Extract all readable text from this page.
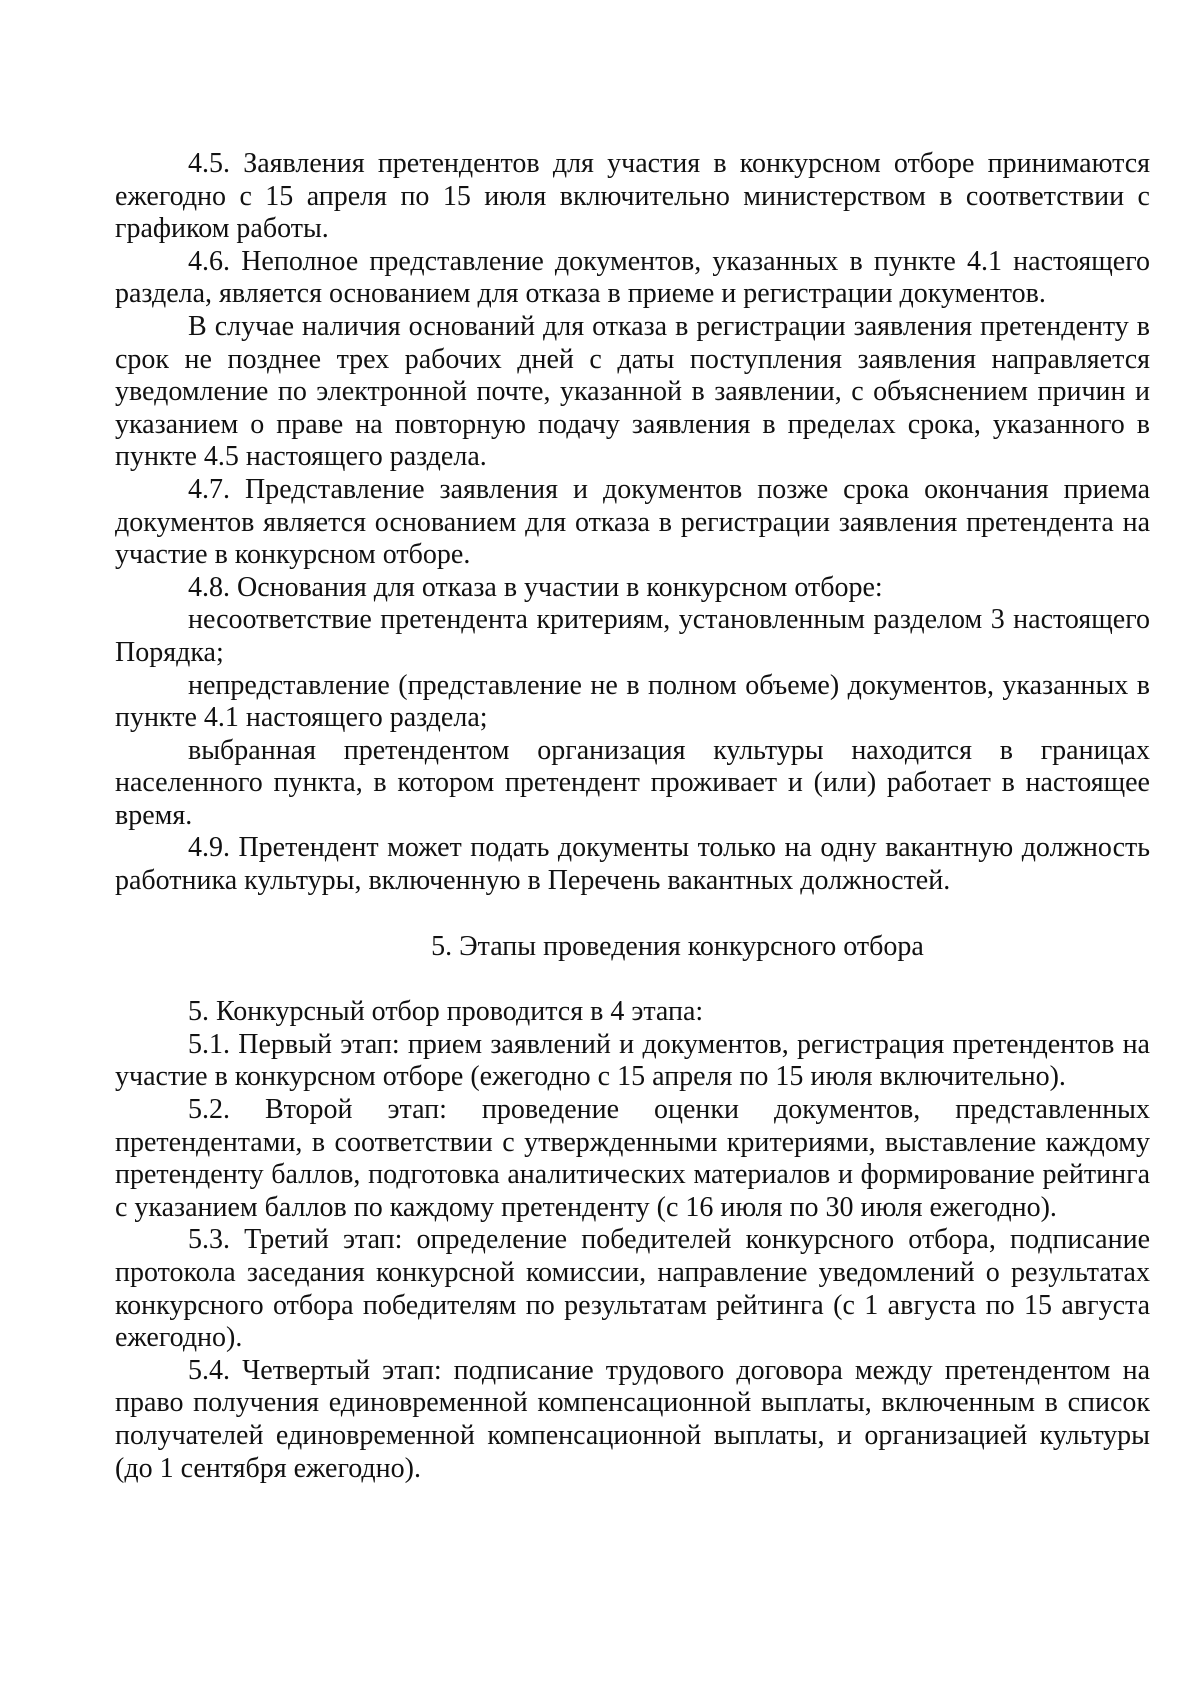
4.5. Заявления претендентов для участия в конкурсном отборе принимаются ежегодно с 15 апреля по 15 июля включительно министерством в соответствии с графиком работы.

4.6. Неполное представление документов, указанных в пункте 4.1 настоящего раздела, является основанием для отказа в приеме и регистрации документов.

В случае наличия оснований для отказа в регистрации заявления претенденту в срок не позднее трех рабочих дней с даты поступления заявления направляется уведомление по электронной почте, указанной в заявлении, с объяснением причин и указанием о праве на повторную подачу заявления в пределах срока, указанного в пункте 4.5 настоящего раздела.

4.7. Представление заявления и документов позже срока окончания приема документов является основанием для отказа в регистрации заявления претендента на участие в конкурсном отборе.

4.8. Основания для отказа в участии в конкурсном отборе:

несоответствие претендента критериям, установленным разделом 3 настоящего Порядка;

непредставление (представление не в полном объеме) документов, указанных в пункте 4.1 настоящего раздела;

выбранная претендентом организация культуры находится в границах населенного пункта, в котором претендент проживает и (или) работает в настоящее время.

4.9. Претендент может подать документы только на одну вакантную должность работника культуры, включенную в Перечень вакантных должностей.

5. Этапы проведения конкурсного отбора

5. Конкурсный отбор проводится в 4 этапа:

5.1. Первый этап: прием заявлений и документов, регистрация претендентов на участие в конкурсном отборе (ежегодно с 15 апреля по 15 июля включительно).

5.2. Второй этап: проведение оценки документов, представленных претендентами, в соответствии с утвержденными критериями, выставление каждому претенденту баллов, подготовка аналитических материалов и формирование рейтинга с указанием баллов по каждому претенденту (с 16 июля по 30 июля ежегодно).

5.3. Третий этап: определение победителей конкурсного отбора, подписание протокола заседания конкурсной комиссии, направление уведомлений о результатах конкурсного отбора победителям по результатам рейтинга (с 1 августа по 15 августа ежегодно).

5.4. Четвертый этап: подписание трудового договора между претендентом на право получения единовременной компенсационной выплаты, включенным в список получателей единовременной компенсационной выплаты, и организацией культуры (до 1 сентября ежегодно).
